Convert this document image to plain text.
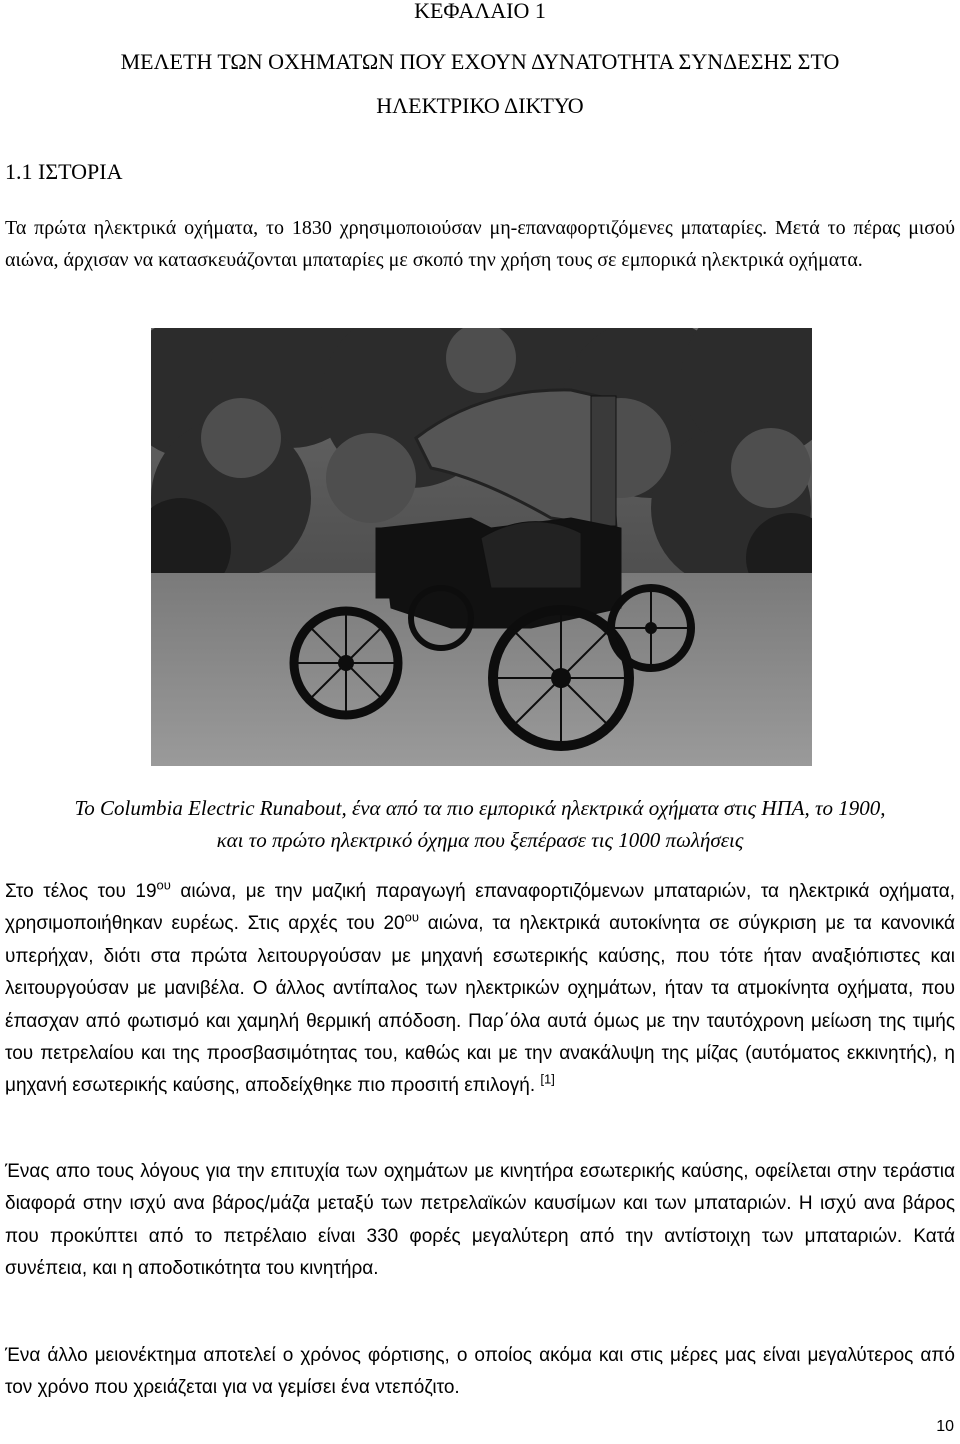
ΚΕΦΑΛΑΙΟ 1
ΜΕΛΕΤΗ ΤΩΝ ΟΧΗΜΑΤΩΝ ΠΟΥ ΕΧΟΥΝ ΔΥΝΑΤΟΤΗΤΑ ΣΥΝΔΕΣΗΣ ΣΤΟ
ΗΛΕΚΤΡΙΚΟ ΔΙΚΤΥΟ
1.1 ΙΣΤΟΡΙΑ

Τα πρώτα ηλεκτρικά οχήματα, το 1830 χρησιμοποιούσαν μη-επαναφορτιζόμενες μπαταρίες. Μετά το πέρας μισού αιώνα, άρχισαν να κατασκευάζονται μπαταρίες με σκοπό την χρήση τους σε εμπορικά ηλεκτρικά οχήματα.

Το Columbia Electric Runabout, ένα από τα πιο εμπορικά ηλεκτρικά οχήματα στις ΗΠΑ, το 1900,

και το πρώτο ηλεκτρικό όχημα που ξεπέρασε τις 1000 πωλήσεις

Στο τέλος του $19^{o\upsilon}$ αιώνα, με την μαζική παραγωγή επαναφορτιζόμενων μπαταριών, τα ηλεκτρικά οχήματα, χρησιμοποιήθηκαν ευρέως. Στις αρχές του $20^{o\upsilon}$ αιώνα, τα ηλεκτρικά αυτοκίνητα σε σύγκριση με τα κανονικά υπερήχαν, διότι στα πρώτα λειτουργούσαν με μηχανή εσωτερικής καύσης, που τότε ήταν αναξιόπιστες και λειτουργούσαν με μανιβέλα. Ο άλλος αντίπαλος των ηλεκτρικών οχημάτων, ήταν τα ατμοκίνητα οχήματα, που έπασχαν από φωτισμό και χαμηλή θερμική απόδοση. Παρ΄όλα αυτά όμως με την ταυτόχρονη μείωση της τιμής του πετρελαίου και της προσβασιμότητας του, καθώς και με την ανακάλυψη της μίζας (αυτόματος εκκινητής), η μηχανή εσωτερικής καύσης, αποδείχθηκε πιο προσιτή επιλογή. [1]

Ένας απο τους λόγους για την επιτυχία των οχημάτων με κινητήρα εσωτερικής καύσης, οφείλεται στην τεράστια διαφορά στην ισχύ ανα βάρος/μάζα μεταξύ των πετρελαϊκών καυσίμων και των μπαταριών. Η ισχύ ανα βάρος που προκύπτει από το πετρέλαιο είναι 330 φορές μεγαλύτερη από την αντίστοιχη των μπαταριών. Κατά συνέπεια, και η αποδοτικότητα του κινητήρα.

Ένα άλλο μειονέκτημα αποτελεί ο χρόνος φόρτισης, ο οποίος ακόμα και στις μέρες μας είναι μεγαλύτερος από τον χρόνο που χρειάζεται για να γεμίσει ένα ντεπόζιτο.

10
